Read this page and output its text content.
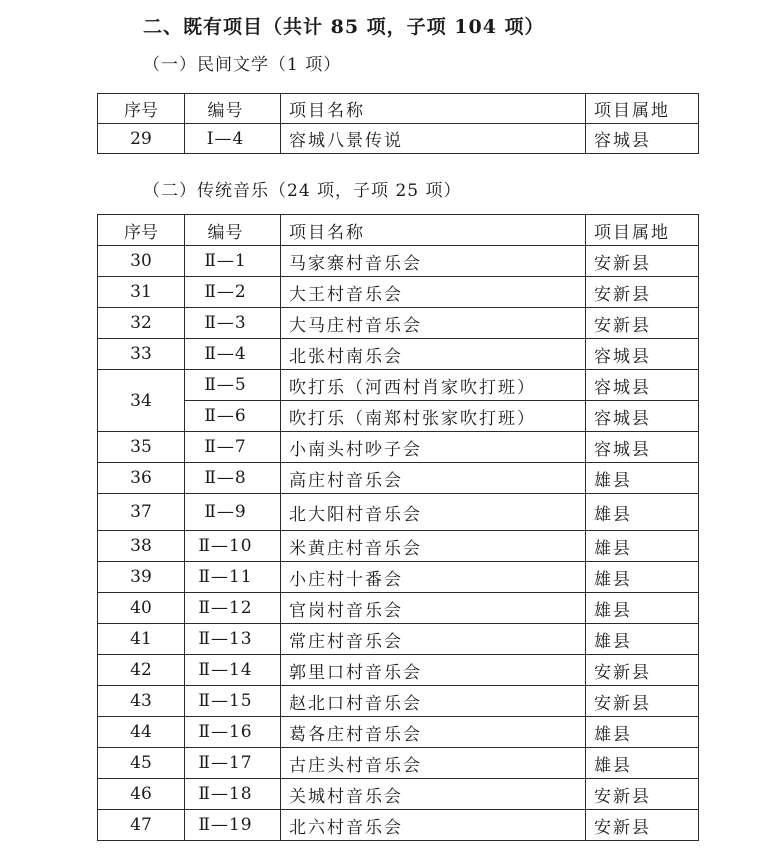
二、既有项目（共计 85 项，子项 104 项）
（一）民间文学（1 项）
序号	编号	项目名称	项目属地
29	Ⅰ—4	容城八景传说	容城县
（二）传统音乐（24 项，子项 25 项）
序号	编号	项目名称	项目属地
30	Ⅱ—1	马家寨村音乐会	安新县
31	Ⅱ—2	大王村音乐会	安新县
32	Ⅱ—3	大马庄村音乐会	安新县
33	Ⅱ—4	北张村南乐会	容城县
34	Ⅱ—5	吹打乐（河西村肖家吹打班）	容城县
	Ⅱ—6	吹打乐（南郑村张家吹打班）	容城县
35	Ⅱ—7	小南头村吵子会	容城县
36	Ⅱ—8	高庄村音乐会	雄县
37	Ⅱ—9	北大阳村音乐会	雄县
38	Ⅱ—10	米黄庄村音乐会	雄县
39	Ⅱ—11	小庄村十番会	雄县
40	Ⅱ—12	官岗村音乐会	雄县
41	Ⅱ—13	常庄村音乐会	雄县
42	Ⅱ—14	郭里口村音乐会	安新县
43	Ⅱ—15	赵北口村音乐会	安新县
44	Ⅱ—16	葛各庄村音乐会	雄县
45	Ⅱ—17	古庄头村音乐会	雄县
46	Ⅱ—18	关城村音乐会	安新县
47	Ⅱ—19	北六村音乐会	安新县
